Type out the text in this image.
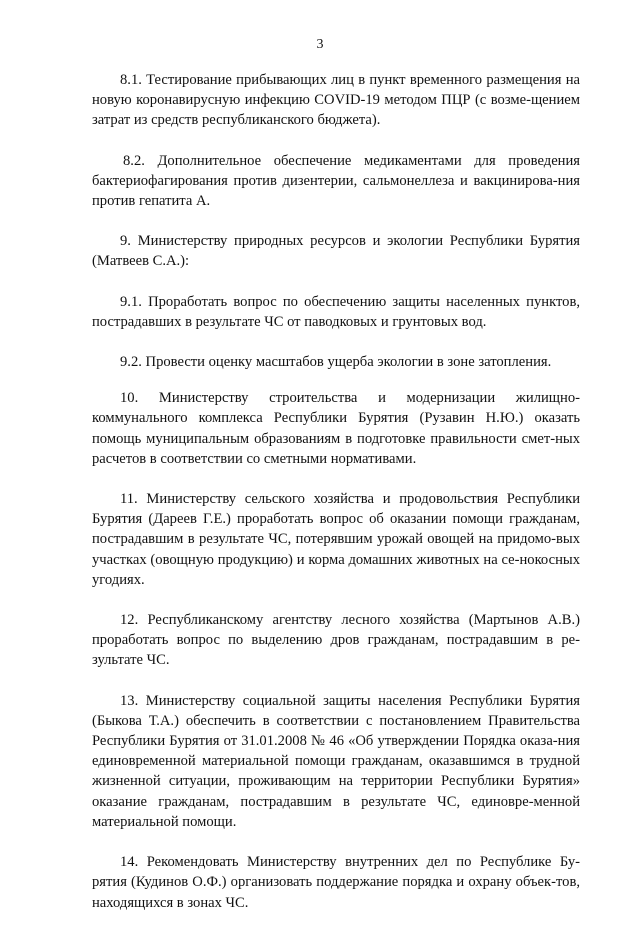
3

8.1. Тестирование прибывающих лиц в пункт временного размещения на новую коронавирусную инфекцию COVID-19 методом ПЦР (с возме-щением затрат из средств республиканского бюджета).

8.2. Дополнительное обеспечение медикаментами для проведения бактериофагирования против дизентерии, сальмонеллеза и вакцинирова-ния против гепатита А.

9. Министерству природных ресурсов и экологии Республики Бурятия (Матвеев С.А.):

9.1. Проработать вопрос по обеспечению защиты населенных пунктов, пострадавших в результате ЧС от паводковых и грунтовых вод.

9.2. Провести оценку масштабов ущерба экологии в зоне затопления.

10. Министерству строительства и модернизации жилищно-коммунального комплекса Республики Бурятия (Рузавин Н.Ю.) оказать помощь муниципальным образованиям в подготовке правильности смет-ных расчетов в соответствии со сметными нормативами.

11. Министерству сельского хозяйства и продовольствия Республики Бурятия (Дареев Г.Е.) проработать вопрос об оказании помощи гражданам, пострадавшим в результате ЧС, потерявшим урожай овощей на придомо-вых участках (овощную продукцию) и корма домашних животных на се-нокосных угодиях.

12. Республиканскому агентству лесного хозяйства (Мартынов А.В.) проработать вопрос по выделению дров гражданам, пострадавшим в ре-зультате ЧС.

13. Министерству социальной защиты населения Республики Бурятия (Быкова Т.А.) обеспечить в соответствии с постановлением Правительства Республики Бурятия от 31.01.2008 № 46 «Об утверждении Порядка оказа-ния единовременной материальной помощи гражданам, оказавшимся в трудной жизненной ситуации, проживающим на территории Республики Бурятия» оказание гражданам, пострадавшим в результате ЧС, единовре-менной материальной помощи.

14. Рекомендовать Министерству внутренних дел по Республике Бу-рятия (Кудинов О.Ф.) организовать поддержание порядка и охрану объек-тов, находящихся в зонах ЧС.
